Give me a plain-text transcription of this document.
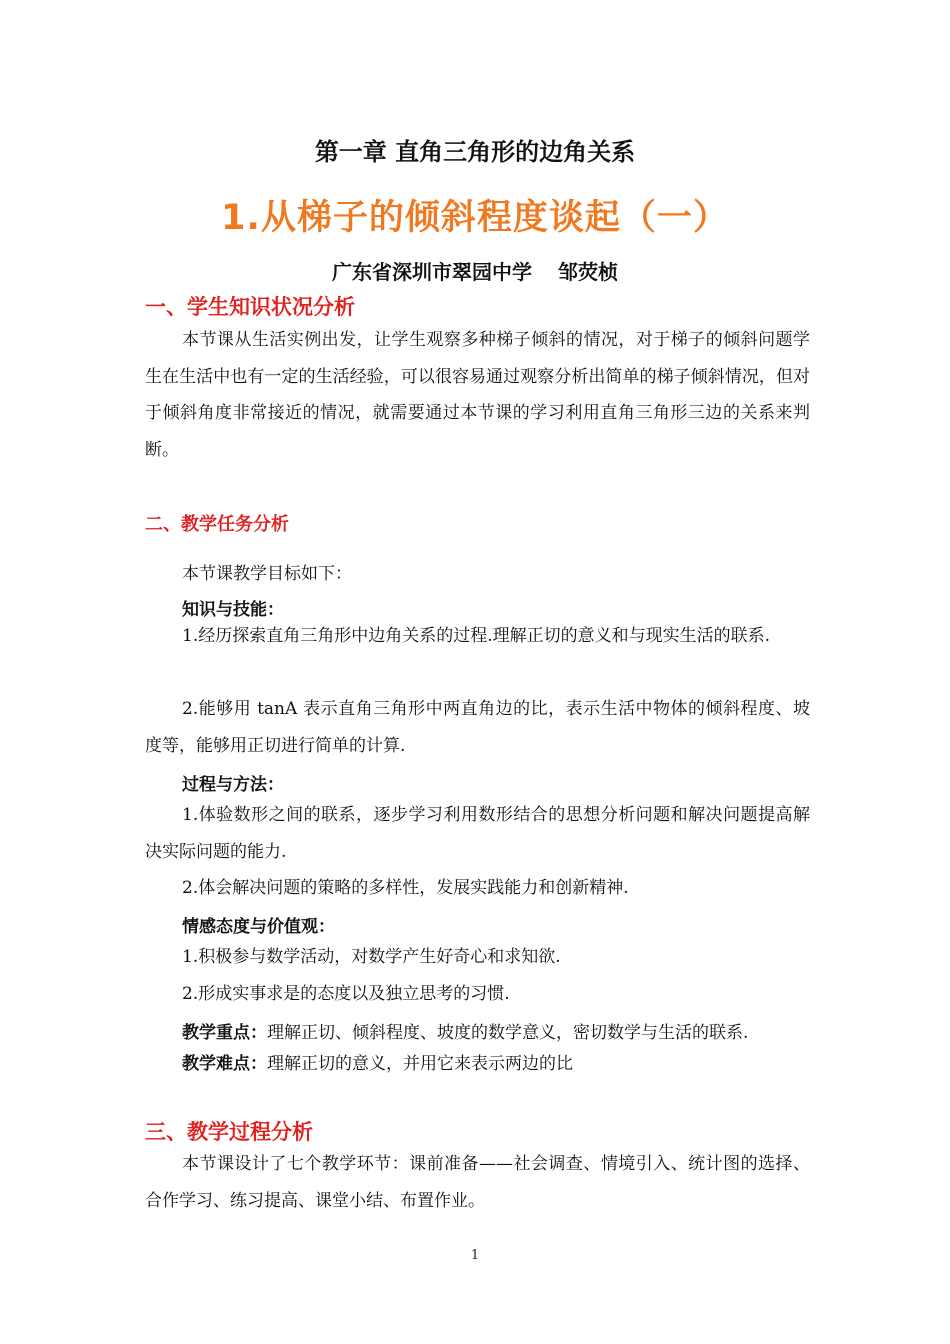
第一章 直角三角形的边角关系
1.从梯子的倾斜程度谈起（一）
广东省深圳市翠园中学 邹荧桢
一、学生知识状况分析

本节课从生活实例出发，让学生观察多种梯子倾斜的情况，对于梯子的倾斜问题学生在生活中也有一定的生活经验，可以很容易通过观察分析出简单的梯子倾斜情况，但对于倾斜角度非常接近的情况，就需要通过本节课的学习利用直角三角形三边的关系来判断。

二、教学任务分析
本节课教学目标如下：
知识与技能：

1.经历探索直角三角形中边角关系的过程.理解正切的意义和与现实生活的联系.

2.能够用 tanA 表示直角三角形中两直角边的比，表示生活中物体的倾斜程度、坡度等，能够用正切进行简单的计算.

过程与方法：

1.体验数形之间的联系，逐步学习利用数形结合的思想分析问题和解决问题提高解决实际问题的能力.

2.体会解决问题的策略的多样性，发展实践能力和创新精神.

情感态度与价值观：

1.积极参与数学活动，对数学产生好奇心和求知欲.

2.形成实事求是的态度以及独立思考的习惯.

教学重点：理解正切、倾斜程度、坡度的数学意义，密切数学与生活的联系.
教学难点：理解正切的意义，并用它来表示两边的比
三、教学过程分析

本节课设计了七个教学环节：课前准备——社会调查、情境引入、统计图的选择、合作学习、练习提高、课堂小结、布置作业。

1
